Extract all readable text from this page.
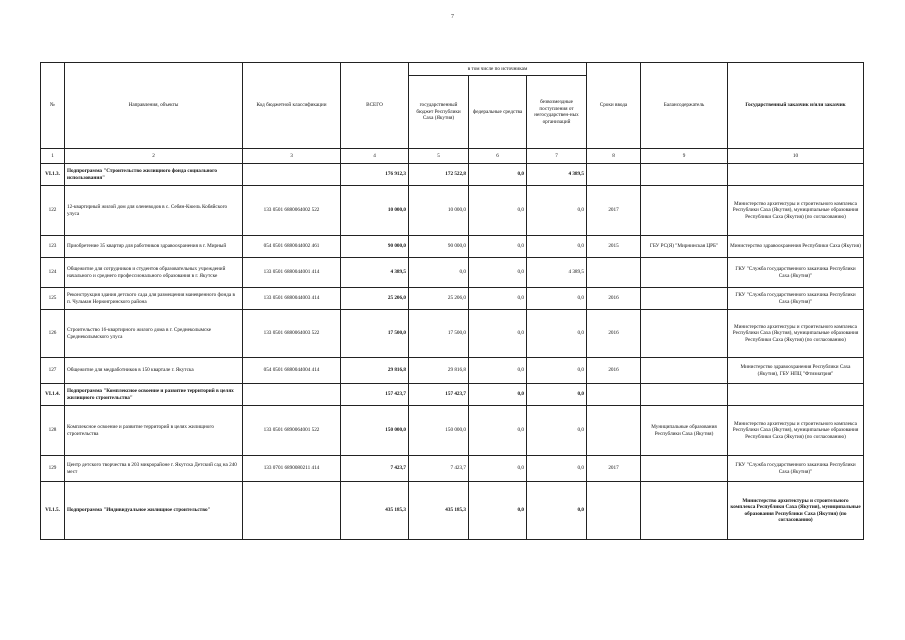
7
№	Направления, объекты	Код бюджетной классификации	ВСЕГО	в том числе по источникам			Сроки ввода	Балансодержатель	Государственный заказчик и/или заказчик
				государственный бюджет Республики Саха (Якутия)	федеральные средства	безвозмездные поступления от негосударствен-ных организаций			
1	2	3	4	5	6	7	8	9	10
VI.1.3.	Подпрограмма "Строительство жилищного фонда социального использования"		176 912,3	172 522,8	0,0	4 389,5			
122	12-квартирный жилой дом для оленеводов в с. Себян-Кюель Кобяйского улуса	133 0501 6880064002 522	10 000,0	10 000,0	0,0	0,0	2017		Министерство архитектуры и строительного комплекса Республики Саха (Якутия), муниципальные образования Республики Саха (Якутия) (по согласованию)
123	Приобретение 35 квартир для работников здравоохранения в г. Мирный	054 0501 6880044002 461	90 000,0	90 000,0	0,0	0,0	2015	ГБУ РС(Я) "Мирнинская ЦРБ"	Министерство здравоохранения Республики Саха (Якутия)
124	Общежитие для сотрудников и студентов образовательных учреждений начального и среднего профессионального образования в г. Якутске	133 0501 6880044001 414	4 389,5	0,0	0,0	4 389,5			ГКУ "Служба государственного заказчика Республики Саха (Якутия)"
125	Реконструкция здания детского сада для размещения маневренного фонда в п. Чульман Нерюнгринского района	133 0501 6880044003 414	25 206,0	25 206,0	0,0	0,0	2016		ГКУ "Служба государственного заказчика Республики Саха (Якутия)"
126	Строительство 16-квартирного жилого дома в г. Среднеколымске Среднеколымского улуса	133 0501 6880064003 522	17 500,0	17 500,0	0,0	0,0	2016		Министерство архитектуры и строительного комплекса Республики Саха (Якутия), муниципальные образования Республики Саха (Якутия) (по согласованию)
127	Общежитие для медработников в 150 квартале г. Якутска	054 0501 6880044004 414	29 816,8	29 816,8	0,0	0,0	2016		Министерство здравоохранения Республики Саха (Якутия), ГБУ НПЦ "Фтизиатрия"
VI.1.4.	Подпрограмма "Комплексное освоение и развитие территорий в целях жилищного строительства"		157 423,7	157 423,7	0,0	0,0			
128	Комплексное освоение и развитие территорий в целях жилищного строительства	133 0501 6890064001 522	150 000,0	150 000,0	0,0	0,0		Муниципальные образования Республики Саха (Якутия)	Министерство архитектуры и строительного комплекса Республики Саха (Якутия), муниципальные образования Республики Саха (Якутия) (по согласованию)
129	Центр детского творчества в 203 микрорайоне г. Якутска Детский сад на 240 мест	133 0701 6890080211 414	7 423,7	7 423,7	0,0	0,0	2017		ГКУ "Служба государственного заказчика Республики Саха (Якутия)"
VI.1.5.	Подпрограмма "Индивидуальное жилищное строительство"		435 185,3	435 185,3	0,0	0,0			Министерство архитектуры и строительного комплекса Республики Саха (Якутия), муниципальные образования Республики Саха (Якутия) (по согласованию)
